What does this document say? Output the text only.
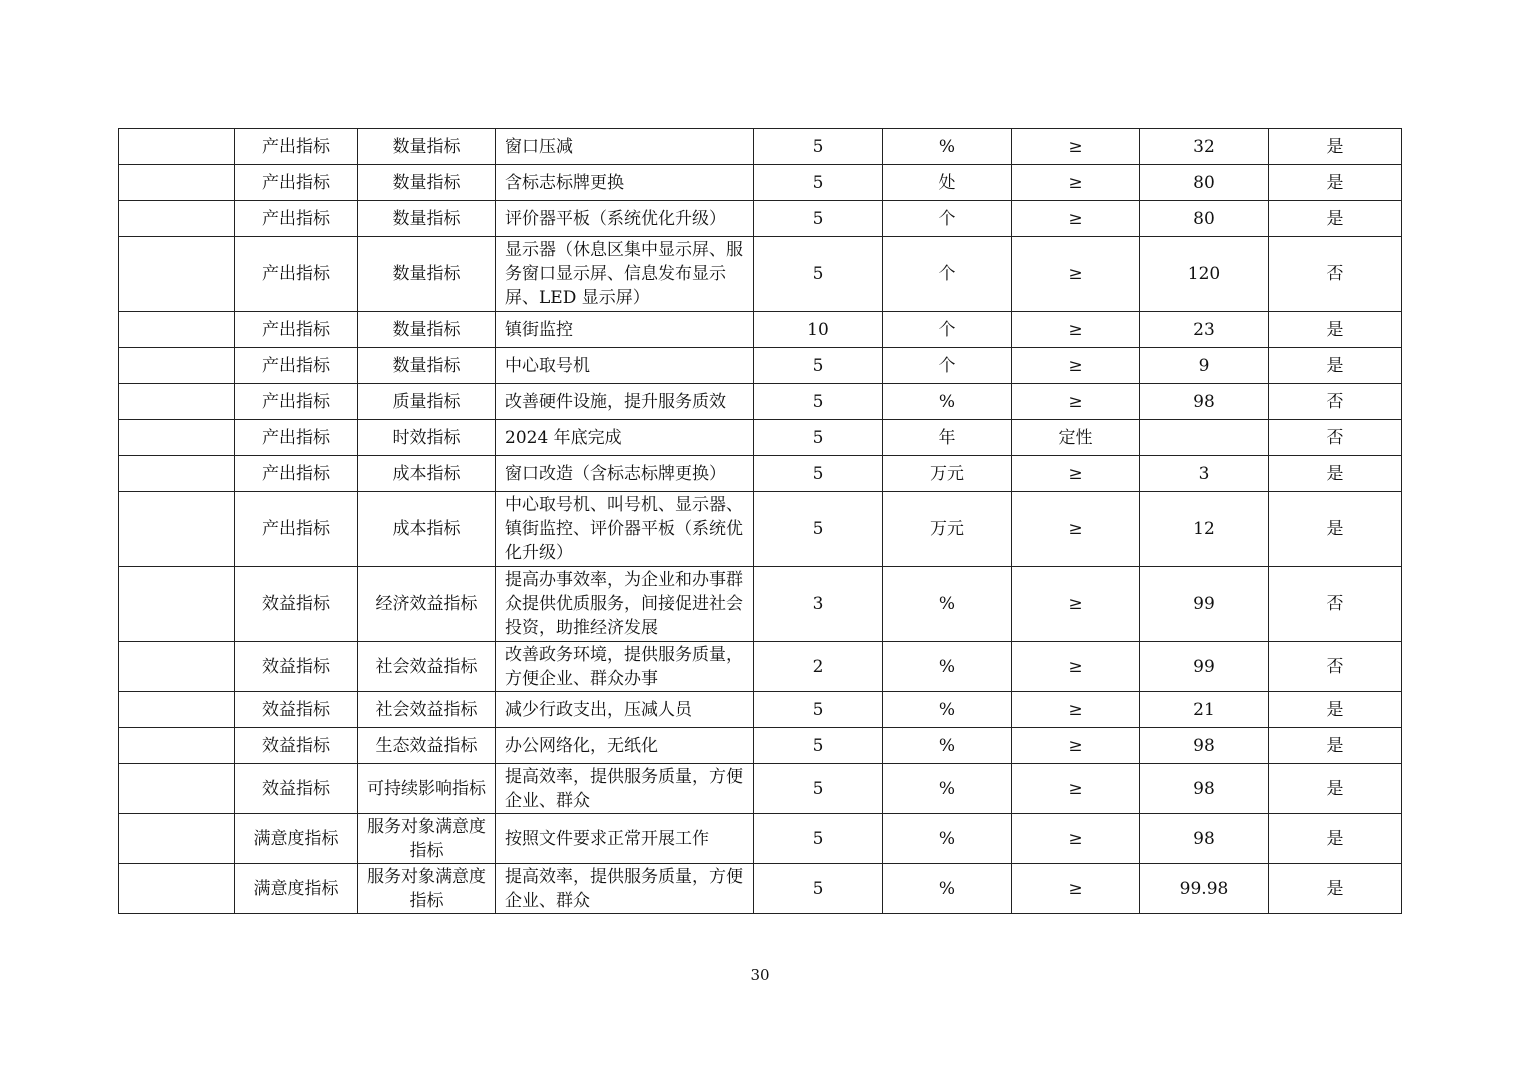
	产出指标	数量指标	窗口压减	5	%	≥	32	是
	产出指标	数量指标	含标志标牌更换	5	处	≥	80	是
	产出指标	数量指标	评价器平板（系统优化升级）	5	个	≥	80	是
	产出指标	数量指标	显示器（休息区集中显示屏、服务窗口显示屏、信息发布显示屏、LED 显示屏）	5	个	≥	120	否
	产出指标	数量指标	镇街监控	10	个	≥	23	是
	产出指标	数量指标	中心取号机	5	个	≥	9	是
	产出指标	质量指标	改善硬件设施，提升服务质效	5	%	≥	98	否
	产出指标	时效指标	2024 年底完成	5	年	定性		否
	产出指标	成本指标	窗口改造（含标志标牌更换）	5	万元	≥	3	是
	产出指标	成本指标	中心取号机、叫号机、显示器、镇街监控、评价器平板（系统优化升级）	5	万元	≥	12	是
	效益指标	经济效益指标	提高办事效率，为企业和办事群众提供优质服务，间接促进社会投资，助推经济发展	3	%	≥	99	否
	效益指标	社会效益指标	改善政务环境，提供服务质量，方便企业、群众办事	2	%	≥	99	否
	效益指标	社会效益指标	减少行政支出，压减人员	5	%	≥	21	是
	效益指标	生态效益指标	办公网络化，无纸化	5	%	≥	98	是
	效益指标	可持续影响指标	提高效率，提供服务质量，方便企业、群众	5	%	≥	98	是
	满意度指标	服务对象满意度指标	按照文件要求正常开展工作	5	%	≥	98	是
	满意度指标	服务对象满意度指标	提高效率，提供服务质量，方便企业、群众	5	%	≥	99.98	是
30
